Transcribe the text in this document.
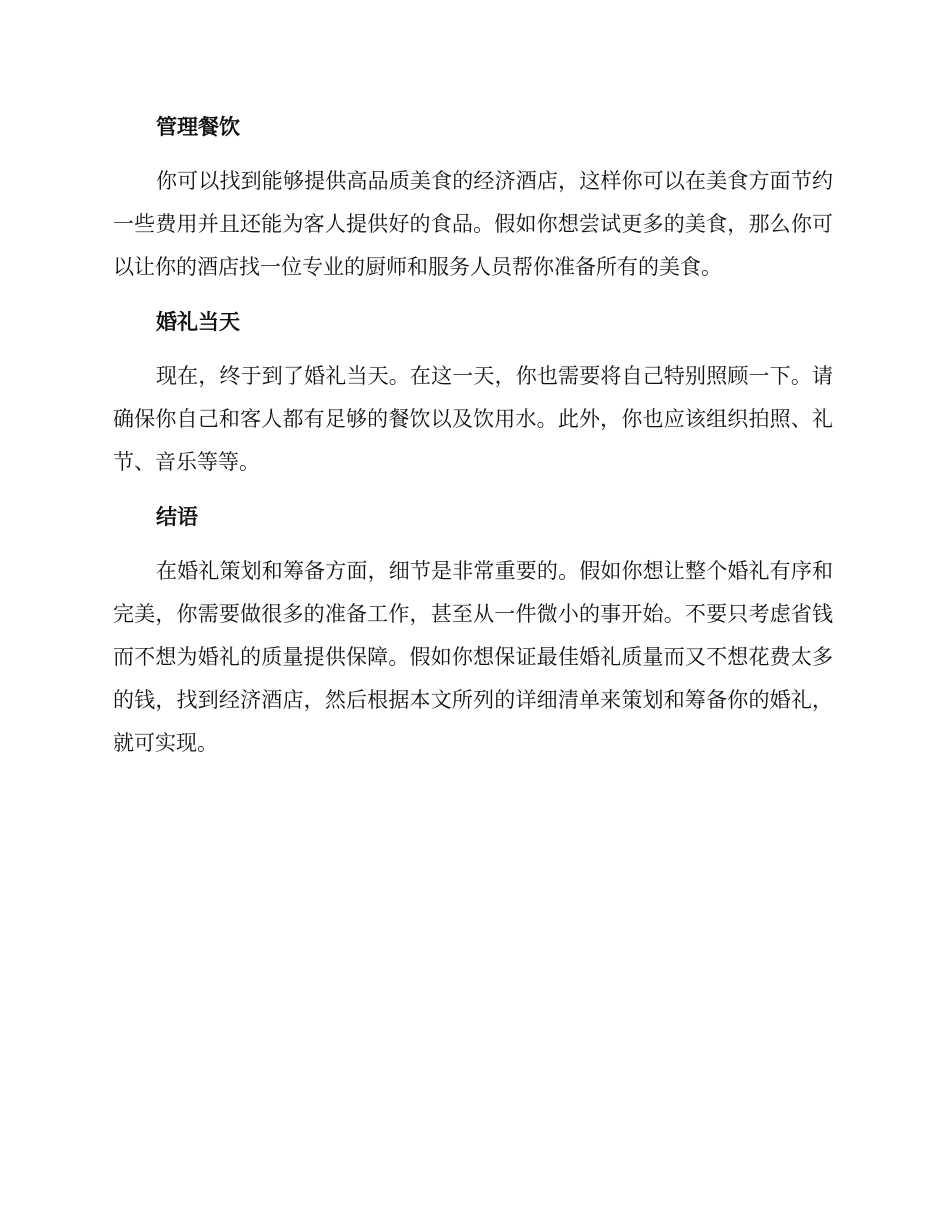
管理餐饮

你可以找到能够提供高品质美食的经济酒店，这样你可以在美食方面节约一些费用并且还能为客人提供好的食品。假如你想尝试更多的美食，那么你可以让你的酒店找一位专业的厨师和服务人员帮你准备所有的美食。

婚礼当天

现在，终于到了婚礼当天。在这一天，你也需要将自己特别照顾一下。请确保你自己和客人都有足够的餐饮以及饮用水。此外，你也应该组织拍照、礼节、音乐等等。

结语

在婚礼策划和筹备方面，细节是非常重要的。假如你想让整个婚礼有序和完美，你需要做很多的准备工作，甚至从一件微小的事开始。不要只考虑省钱而不想为婚礼的质量提供保障。假如你想保证最佳婚礼质量而又不想花费太多的钱，找到经济酒店，然后根据本文所列的详细清单来策划和筹备你的婚礼，就可实现。
